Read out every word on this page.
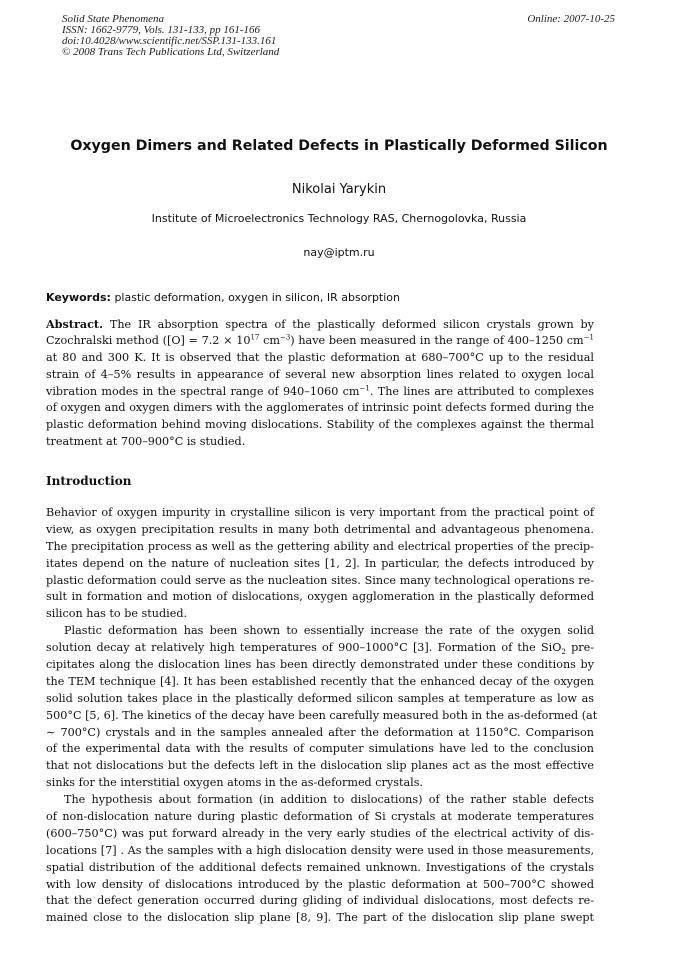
Solid State Phenomena
ISSN: 1662-9779, Vols. 131-133, pp 161-166
doi:10.4028/www.scientific.net/SSP.131-133.161
© 2008 Trans Tech Publications Ltd, Switzerland
Online: 2007-10-25
Oxygen Dimers and Related Defects in Plastically Deformed Silicon
Nikolai Yarykin
Institute of Microelectronics Technology RAS, Chernogolovka, Russia
nay@iptm.ru
Keywords: plastic deformation, oxygen in silicon, IR absorption
Abstract. The IR absorption spectra of the plastically deformed silicon crystals grown by
Czochralski method ($[O] = 7.2 \times 10^{17}$ $cm^{-3}$) have been measured in the range of 400–1250 $cm^{-1}$
at 80 and 300 K. It is observed that the plastic deformation at 680–700°C up to the residual
strain of 4–5% results in appearance of several new absorption lines related to oxygen local
vibration modes in the spectral range of 940–1060 $cm^{-1}$. The lines are attributed to complexes
of oxygen and oxygen dimers with the agglomerates of intrinsic point defects formed during the
plastic deformation behind moving dislocations. Stability of the complexes against the thermal
treatment at 700–900°C is studied.
Introduction
Behavior of oxygen impurity in crystalline silicon is very important from the practical point of
view, as oxygen precipitation results in many both detrimental and advantageous phenomena.
The precipitation process as well as the gettering ability and electrical properties of the precip-
itates depend on the nature of nucleation sites [1, 2]. In particular, the defects introduced by
plastic deformation could serve as the nucleation sites. Since many technological operations re-
sult in formation and motion of dislocations, oxygen agglomeration in the plastically deformed
silicon has to be studied.
Plastic deformation has been shown to essentially increase the rate of the oxygen solid
solution decay at relatively high temperatures of 900–1000°C [3]. Formation of the SiO$_2$ pre-
cipitates along the dislocation lines has been directly demonstrated under these conditions by
the TEM technique [4]. It has been established recently that the enhanced decay of the oxygen
solid solution takes place in the plastically deformed silicon samples at temperature as low as
500°C [5, 6]. The kinetics of the decay have been carefully measured both in the as-deformed (at
∼ 700°C) crystals and in the samples annealed after the deformation at 1150°C. Comparison
of the experimental data with the results of computer simulations have led to the conclusion
that not dislocations but the defects left in the dislocation slip planes act as the most effective
sinks for the interstitial oxygen atoms in the as-deformed crystals.
The hypothesis about formation (in addition to dislocations) of the rather stable defects
of non-dislocation nature during plastic deformation of Si crystals at moderate temperatures
(600–750°C) was put forward already in the very early studies of the electrical activity of dis-
locations [7] . As the samples with a high dislocation density were used in those measurements,
spatial distribution of the additional defects remained unknown. Investigations of the crystals
with low density of dislocations introduced by the plastic deformation at 500–700°C showed
that the defect generation occurred during gliding of individual dislocations, most defects re-
mained close to the dislocation slip plane [8, 9]. The part of the dislocation slip plane swept
